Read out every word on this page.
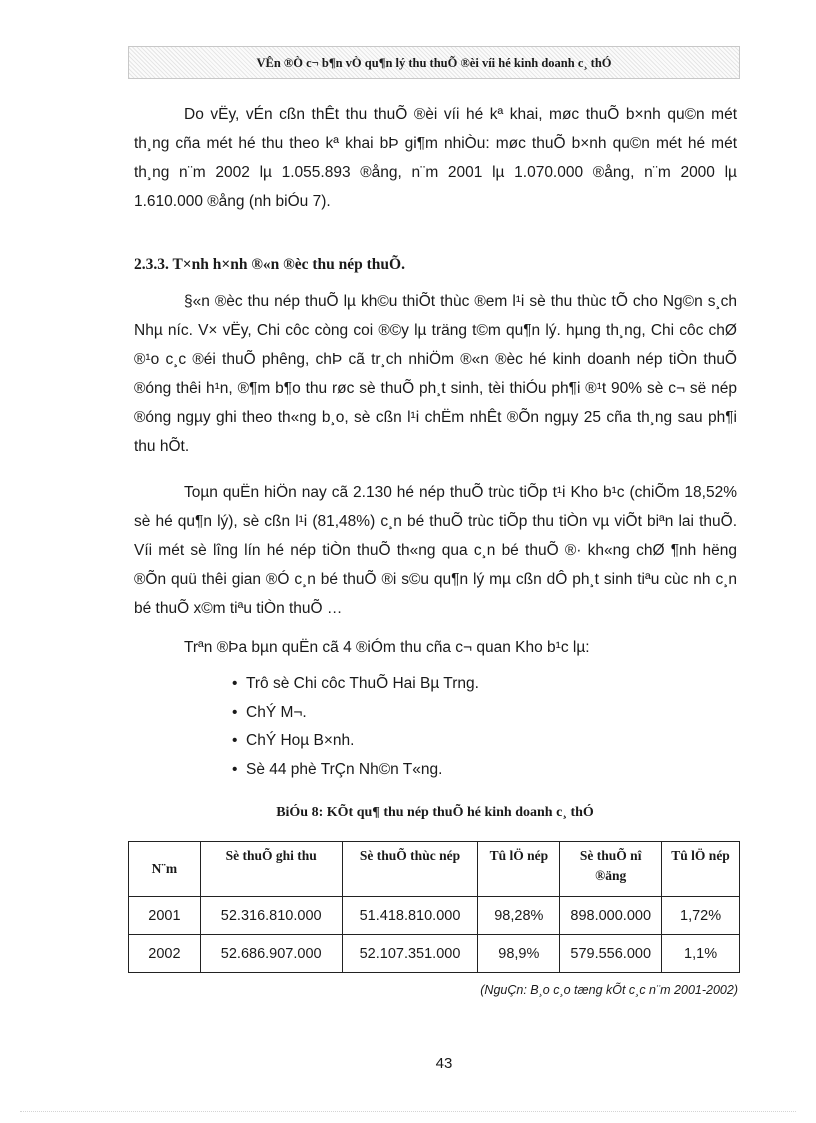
VÊn ®Ò c¬ b¶n vÒ qu¶n lý thu thuÕ ®èi víi hé kinh doanh c¸ thÓ

Do vËy, vÉn cßn thÊt thu thuÕ ®èi víi hé kª khai, møc thuÕ b×nh qu©n mét th¸ng cña mét hé thu theo kª khai bÞ gi¶m nhiÒu: møc thuÕ b×nh qu©n mét hé mét th¸ng n¨m 2002 lµ 1.055.893 ®ång, n¨m 2001 lµ 1.070.000 ®ång, n¨m 2000 lµ 1.610.000 ®ång (nh biÓu 7).

2.3.3. T×nh h×nh ®«n ®èc thu nép thuÕ.

§«n ®èc thu nép thuÕ lµ kh©u thiÕt thùc ®em l¹i sè thu thùc tÕ cho Ng©n s¸ch Nhµ níc. V× vËy, Chi côc còng coi ®©y lµ träng t©m qu¶n lý. hµng th¸ng, Chi côc chØ ®¹o c¸c ®éi thuÕ phêng, chÞ cã tr¸ch nhiÖm ®«n ®èc hé kinh doanh nép tiÒn thuÕ ®óng thêi h¹n, ®¶m b¶o thu røc sè thuÕ ph¸t sinh, tèi thiÓu ph¶i ®¹t 90% sè c¬ së nép ®óng ngµy ghi theo th«ng b¸o, sè cßn l¹i chËm nhÊt ®Õn ngµy 25 cña th¸ng sau ph¶i thu hÕt.

Toµn quËn hiÖn nay cã 2.130 hé nép thuÕ trùc tiÕp t¹i Kho b¹c (chiÕm 18,52% sè hé qu¶n lý), sè cßn l¹i (81,48%) c¸n bé thuÕ trùc tiÕp thu tiÒn vµ viÕt biªn lai thuÕ. Víi mét sè lîng lín hé nép tiÒn thuÕ th«ng qua c¸n bé thuÕ ®· kh«ng chØ ¶nh hëng ®Õn quü thêi gian ®Ó c¸n bé thuÕ ®i s©u qu¶n lý mµ cßn dÔ ph¸t sinh tiªu cùc nh c¸n bé thuÕ x©m tiªu tiÒn thuÕ …

Trªn ®Þa bµn quËn cã 4 ®iÓm thu cña c¬ quan Kho b¹c lµ:

• Trô sè Chi côc ThuÕ Hai Bµ Trng.
• ChÝ M¬.
• ChÝ Hoµ B×nh.
• Sè 44 phè TrÇn Nh©n T«ng.
BiÓu 8: KÕt qu¶ thu nép thuÕ hé kinh doanh c¸ thÓ
N¨m	Sè thuÕ ghi thu	Sè thuÕ thùc nép	Tû lÖ nép	Sè thuÕ nî ®äng	Tû lÖ nép
2001	52.316.810.000	51.418.810.000	98,28%	898.000.000	1,72%
2002	52.686.907.000	52.107.351.000	98,9%	579.556.000	1,1%
(NguÇn: B¸o c¸o tæng kÕt c¸c n¨m 2001-2002)
43
